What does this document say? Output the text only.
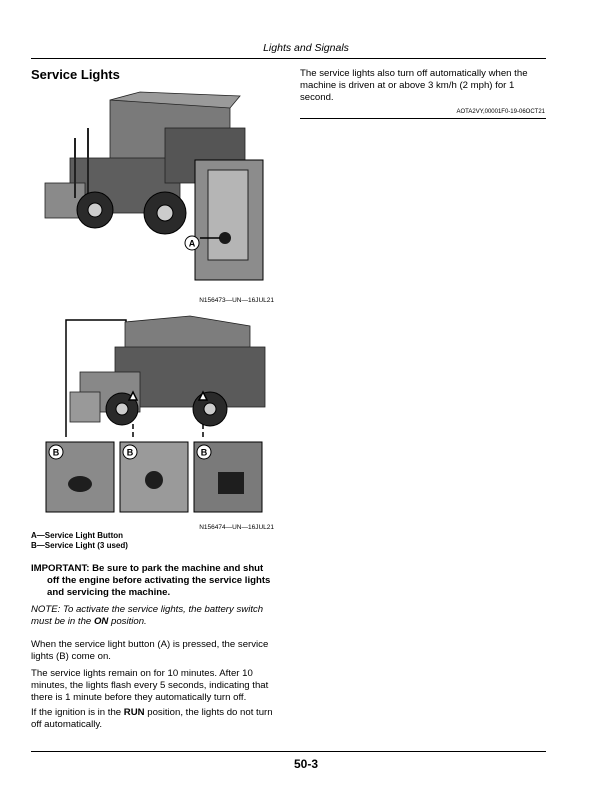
Lights and Signals
Service Lights
A
N156473—UN—16JUL21
B	B	B
N156474—UN—16JUL21
A—Service Light Button
B—Service Light (3 used)
IMPORTANT: Be sure to park the machine and shut
off the engine before activating the service lights and servicing the machine.
NOTE: To activate the service lights, the battery switch must be in the ON position.
When the service light button (A) is pressed, the service lights (B) come on.
The service lights remain on for 10 minutes. After 10 minutes, the lights flash every 5 seconds, indicating that there is 1 minute before they automatically turn off.
If the ignition is in the RUN position, the lights do not turn off automatically.
The service lights also turn off automatically when the machine is driven at or above 3 km/h (2 mph) for 1 second.
AOTA2VY,00001F0-19-06OCT21
50-3
